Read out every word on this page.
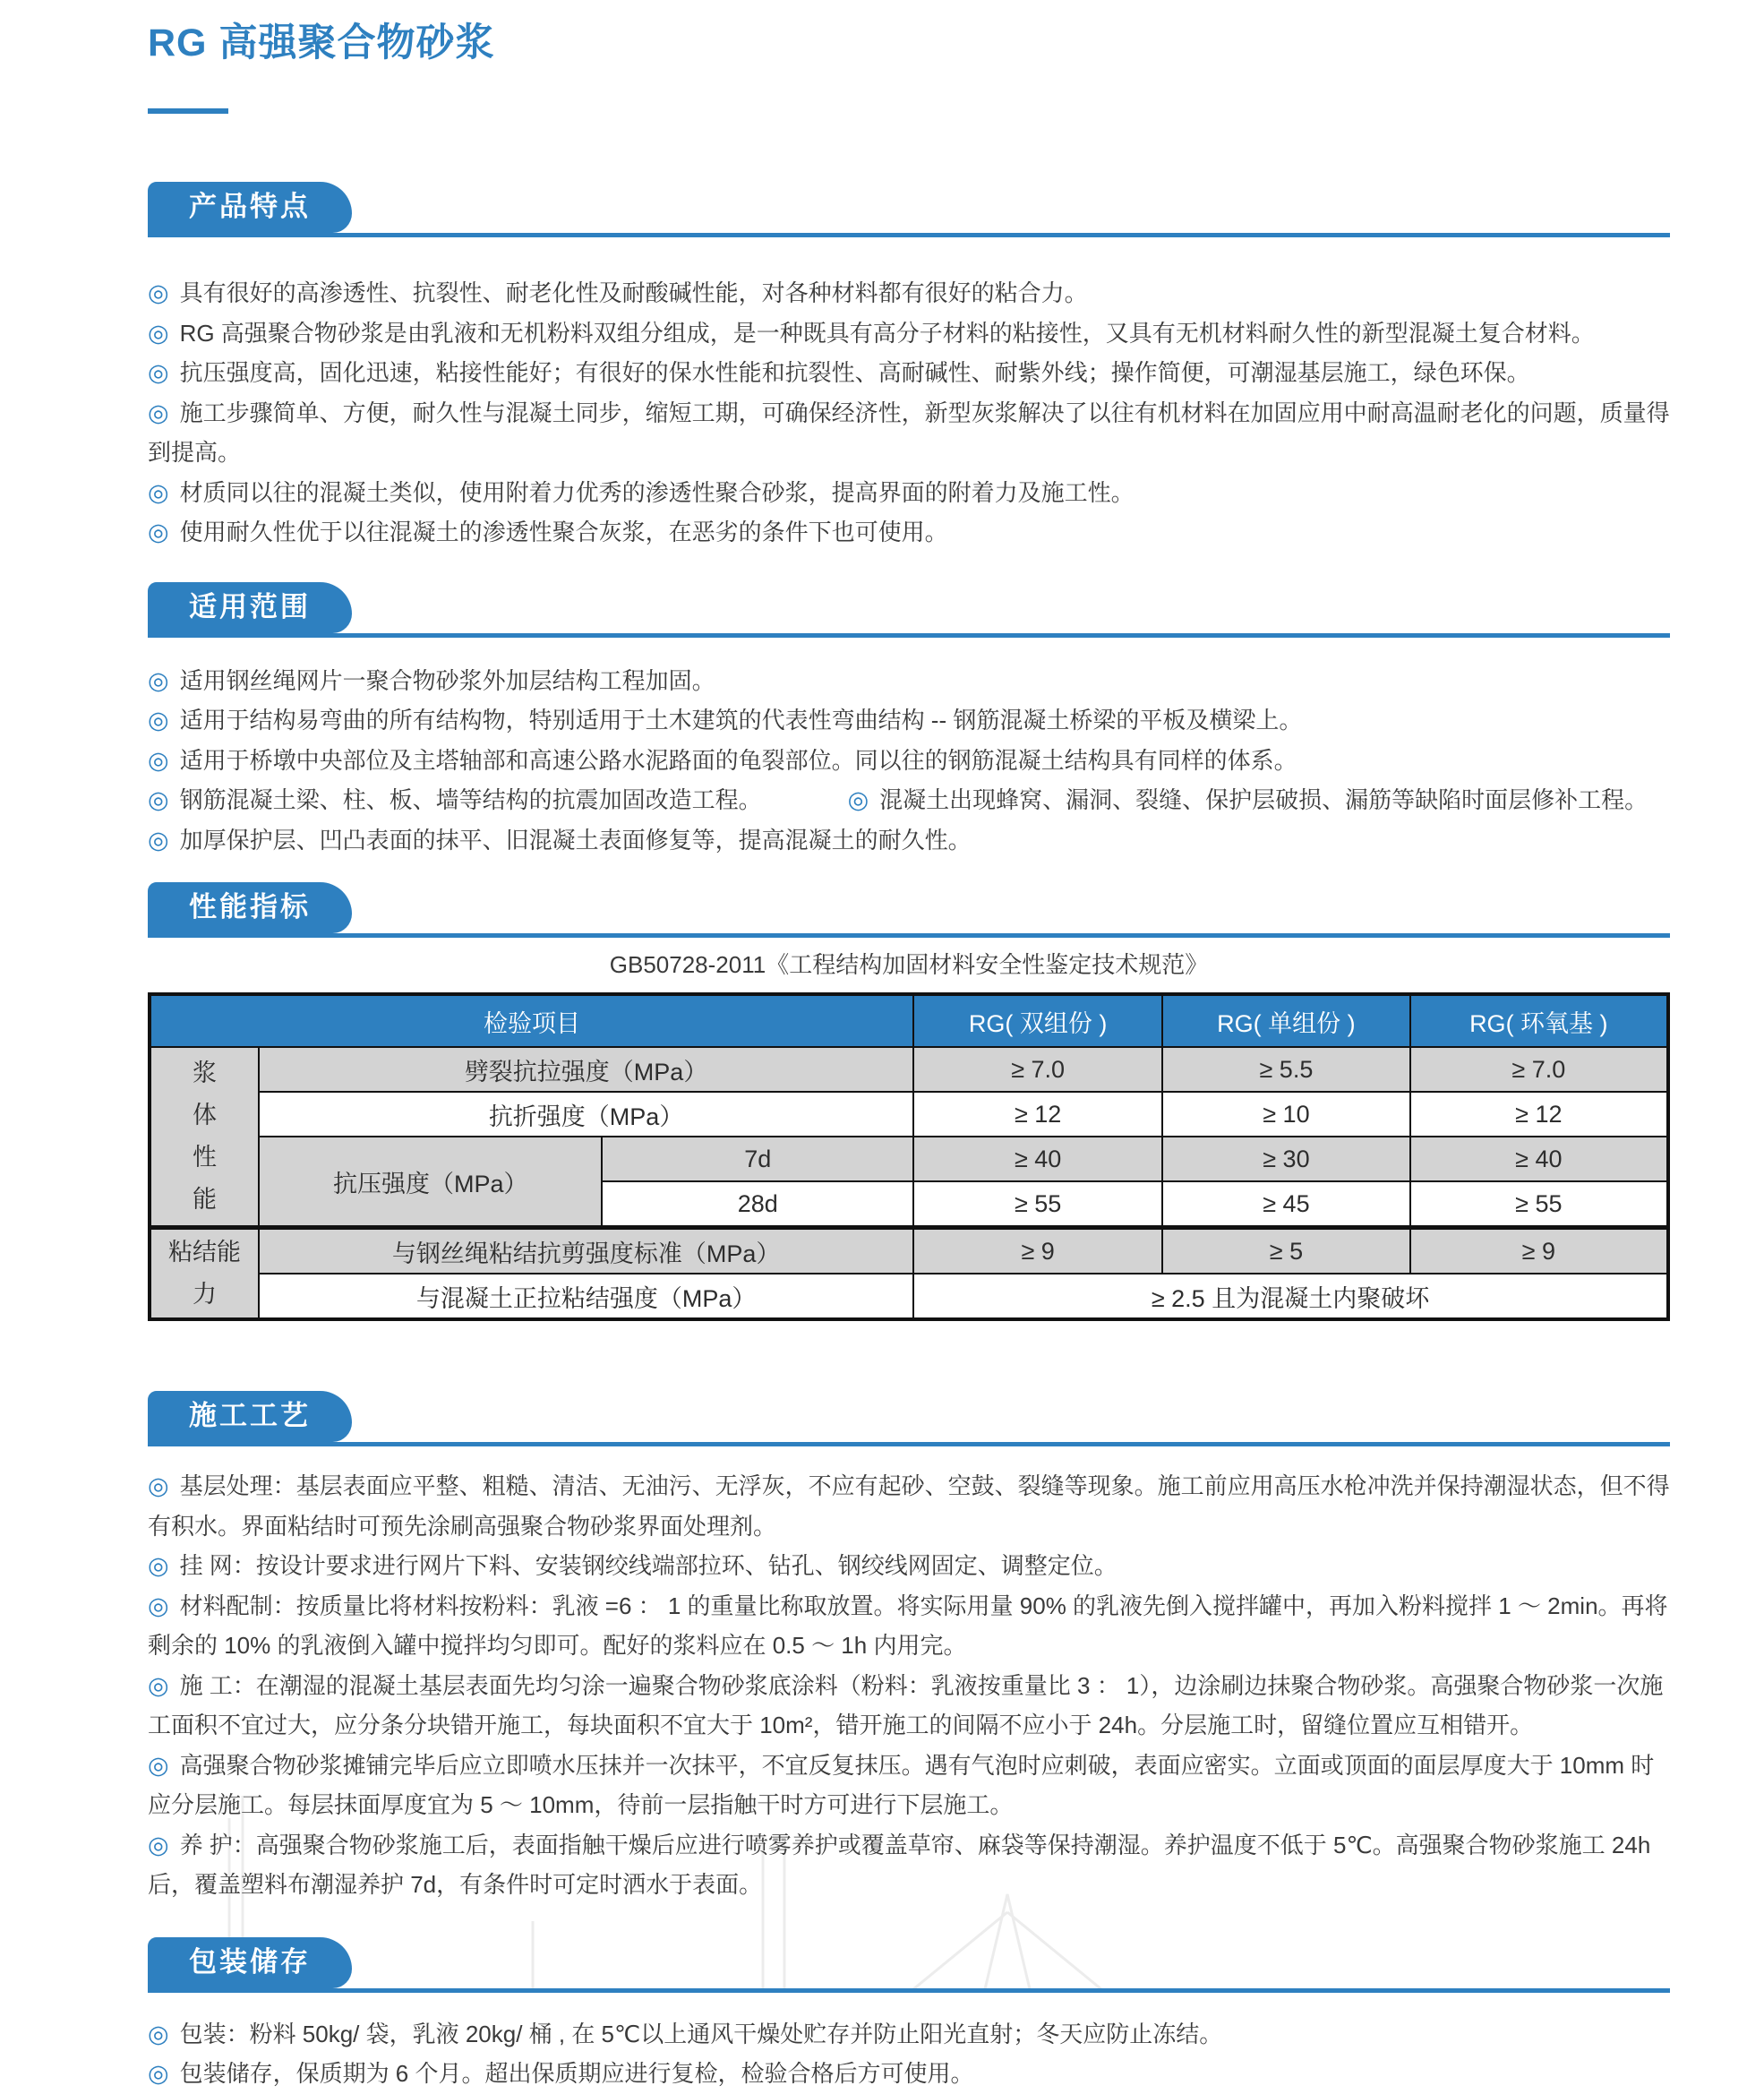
RG 高强聚合物砂浆
产品特点

◎ 具有很好的高渗透性、抗裂性、耐老化性及耐酸碱性能，对各种材料都有很好的粘合力。

◎ RG 高强聚合物砂浆是由乳液和无机粉料双组分组成，是一种既具有高分子材料的粘接性，又具有无机材料耐久性的新型混凝土复合材料。

◎ 抗压强度高，固化迅速，粘接性能好；有很好的保水性能和抗裂性、高耐碱性、耐紫外线；操作简便，可潮湿基层施工，绿色环保。

◎ 施工步骤简单、方便，耐久性与混凝土同步，缩短工期，可确保经济性，新型灰浆解决了以往有机材料在加固应用中耐高温耐老化的问题，质量得到提高。

◎ 材质同以往的混凝土类似，使用附着力优秀的渗透性聚合砂浆，提高界面的附着力及施工性。

◎ 使用耐久性优于以往混凝土的渗透性聚合灰浆，在恶劣的条件下也可使用。

适用范围

◎ 适用钢丝绳网片一聚合物砂浆外加层结构工程加固。

◎ 适用于结构易弯曲的所有结构物，特别适用于土木建筑的代表性弯曲结构 -- 钢筋混凝土桥梁的平板及横梁上。

◎ 适用于桥墩中央部位及主塔轴部和高速公路水泥路面的龟裂部位。同以往的钢筋混凝土结构具有同样的体系。

◎ 钢筋混凝土梁、柱、板、墙等结构的抗震加固改造工程。	◎ 混凝土出现蜂窝、漏洞、裂缝、保护层破损、漏筋等缺陷时面层修补工程。

◎ 加厚保护层、凹凸表面的抹平、旧混凝土表面修复等，提高混凝土的耐久性。

性能指标

GB50728-2011《工程结构加固材料安全性鉴定技术规范》

检验项目			RG( 双组份 )	RG( 单组份 )	RG( 环氧基 )
浆体性能	劈裂抗拉强度（MPa）		≥ 7.0	≥ 5.5	≥ 7.0
	抗折强度（MPa）		≥ 12	≥ 10	≥ 12
	抗压强度（MPa）	7d	≥ 40	≥ 30	≥ 40
		28d	≥ 55	≥ 45	≥ 55
粘结能力	与钢丝绳粘结抗剪强度标准（MPa）		≥ 9	≥ 5	≥ 9
	与混凝土正拉粘结强度（MPa）		≥ 2.5 且为混凝土内聚破坏		
施工工艺

◎ 基层处理：基层表面应平整、粗糙、清洁、无油污、无浮灰，不应有起砂、空鼓、裂缝等现象。施工前应用高压水枪冲洗并保持潮湿状态，但不得有积水。界面粘结时可预先涂刷高强聚合物砂浆界面处理剂。

◎ 挂 网：按设计要求进行网片下料、安装钢绞线端部拉环、钻孔、钢绞线网固定、调整定位。

◎ 材料配制：按质量比将材料按粉料：乳液 =6 ： 1 的重量比称取放置。将实际用量 90% 的乳液先倒入搅拌罐中，再加入粉料搅拌 1 ～ 2min。再将剩余的 10% 的乳液倒入罐中搅拌均匀即可。配好的浆料应在 0.5 ～ 1h 内用完。

◎ 施 工：在潮湿的混凝土基层表面先均匀涂一遍聚合物砂浆底涂料（粉料：乳液按重量比 3 ： 1），边涂刷边抹聚合物砂浆。高强聚合物砂浆一次施工面积不宜过大，应分条分块错开施工，每块面积不宜大于 10m²，错开施工的间隔不应小于 24h。分层施工时，留缝位置应互相错开。

◎ 高强聚合物砂浆摊铺完毕后应立即喷水压抹并一次抹平，不宜反复抹压。遇有气泡时应刺破，表面应密实。立面或顶面的面层厚度大于 10mm 时应分层施工。每层抹面厚度宜为 5 ～ 10mm，待前一层指触干时方可进行下层施工。

◎ 养 护：高强聚合物砂浆施工后，表面指触干燥后应进行喷雾养护或覆盖草帘、麻袋等保持潮湿。养护温度不低于 5℃。高强聚合物砂浆施工 24h 后，覆盖塑料布潮湿养护 7d，有条件时可定时洒水于表面。

包装储存

◎ 包装：粉料 50kg/ 袋，乳液 20kg/ 桶 , 在 5℃以上通风干燥处贮存并防止阳光直射；冬天应防止冻结。

◎ 包装储存，保质期为 6 个月。超出保质期应进行复检，检验合格后方可使用。
